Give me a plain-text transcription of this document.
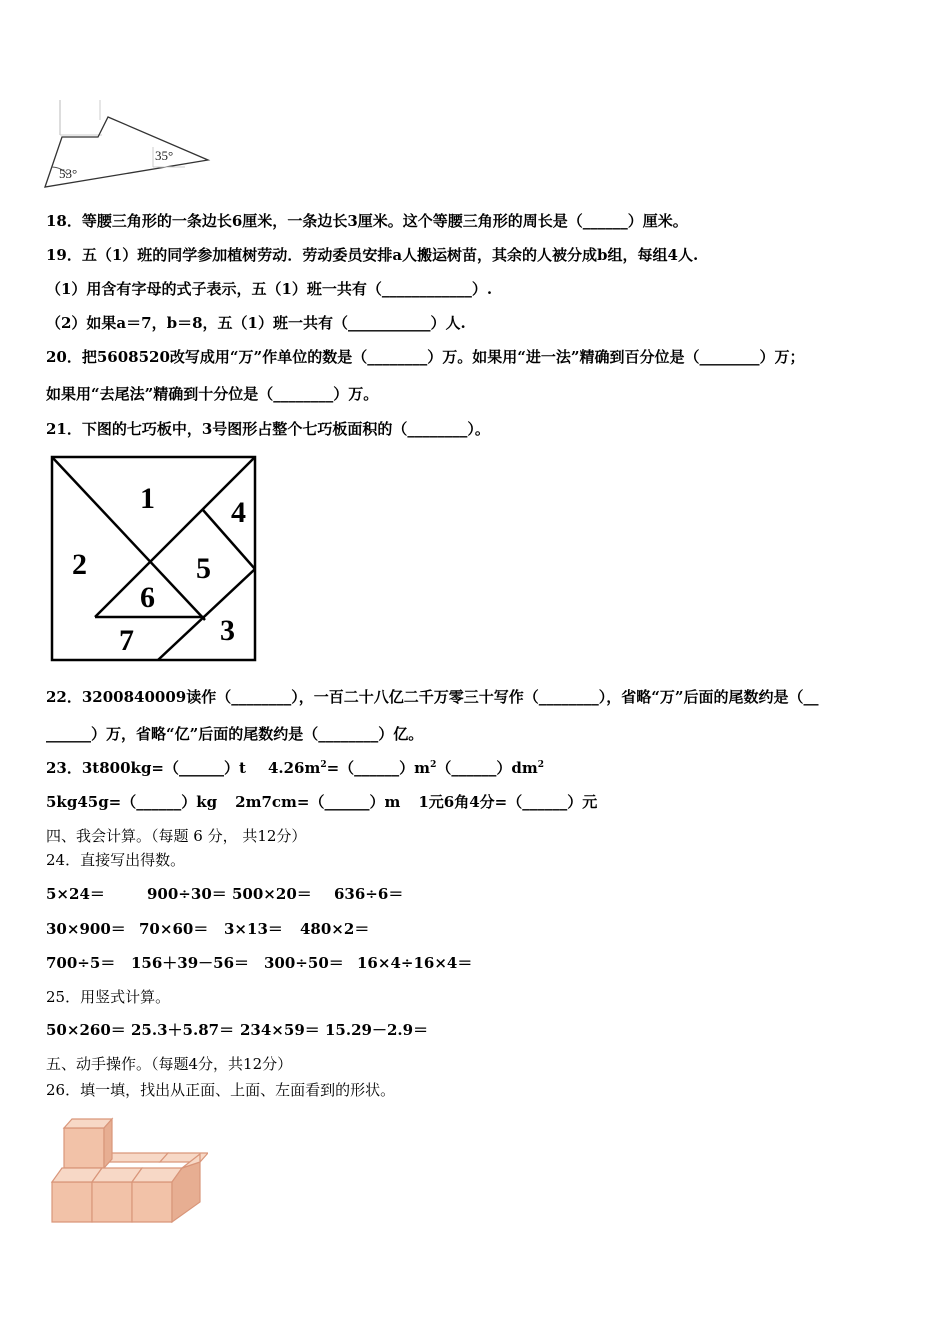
53°
35°
18．等腰三角形的一条边长6厘米，一条边长3厘米。这个等腰三角形的周长是（______）厘米。
19．五（1）班的同学参加植树劳动．劳动委员安排a人搬运树苗，其余的人被分成b组，每组4人.
（1）用含有字母的式子表示，五（1）班一共有（____________）.
（2）如果a＝7，b＝8，五（1）班一共有（___________）人.
20．把5608520改写成用“万”作单位的数是（________）万。如果用“进一法”精确到百分位是（________）万；
如果用“去尾法”精确到十分位是（________）万。
21．下图的七巧板中，3号图形占整个七巧板面积的（________）。
1
2
3
4
5
6
7
22．3200840009读作（________），一百二十八亿二千万零三十写作（________），省略“万”后面的尾数约是（__
______）万，省略“亿”后面的尾数约是（________）亿。
23．3t800kg=（______）t $4.26m^2=(\_\_\_\_\_\_)m^2(\_\_\_\_\_\_)dm^2$
5kg45g=（______）kg 2m7cm=（______）m 1元6角4分=（______）元
四、我会计算。（每题 6 分， 共12分）
24．直接写出得数。
5×24＝	900÷30＝ 500×20＝ 636÷6＝
30×900＝ 70×60＝ 3×13＝ 480×2＝
700÷5＝ 156＋39－56＝ 300÷50＝ 16×4÷16×4＝
25．用竖式计算。
50×260＝ 25.3＋5.87＝ 234×59＝ 15.29－2.9＝
五、动手操作。（每题4分，共12分）
26．填一填，找出从正面、上面、左面看到的形状。
